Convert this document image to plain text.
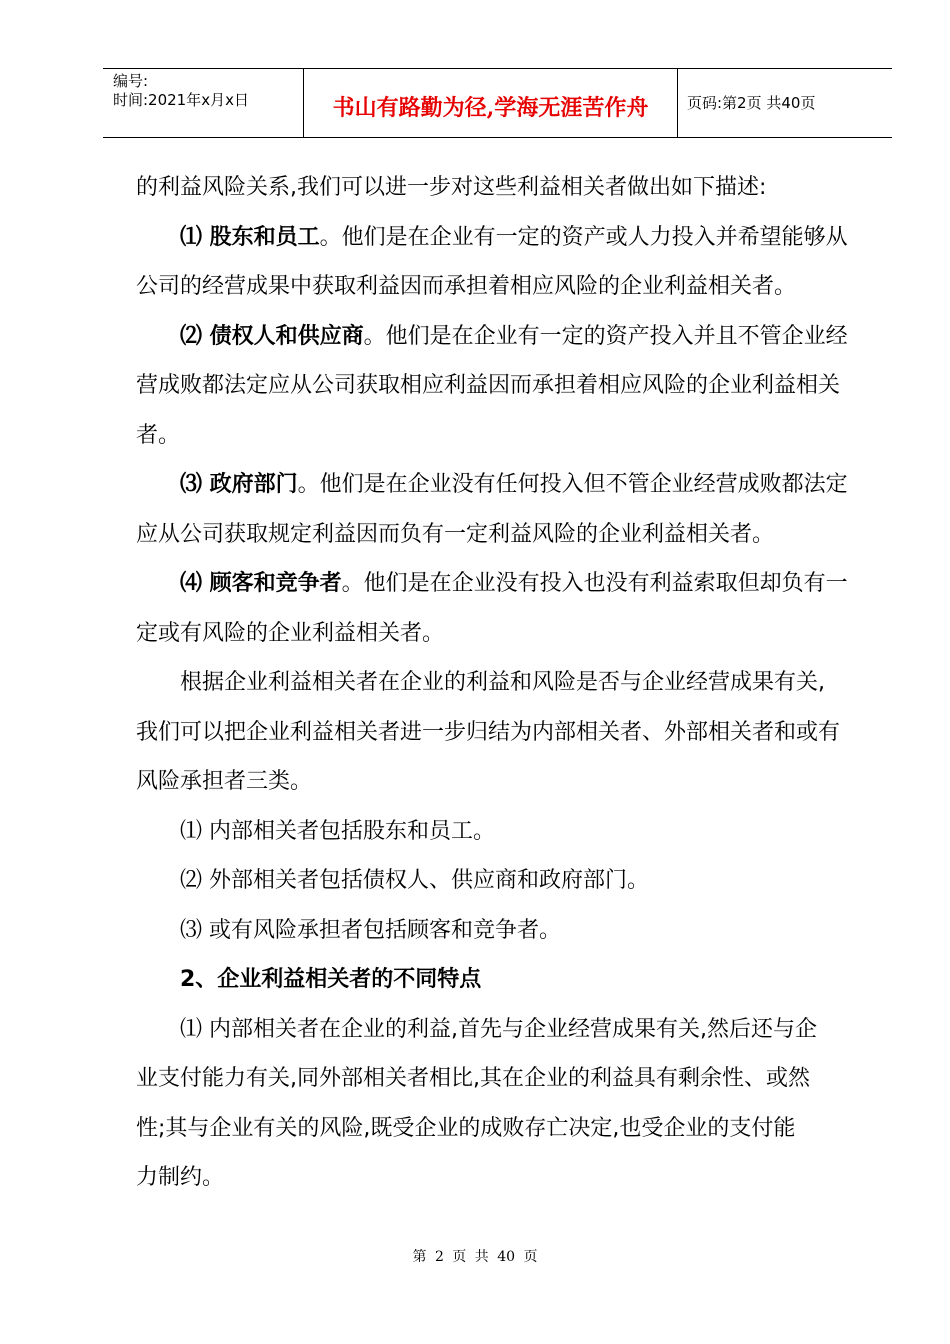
编号:
时间:2021年x月x日	书山有路勤为径,学海无涯苦作舟	页码:第2页 共40页

的利益风险关系,我们可以进一步对这些利益相关者做出如下描述:

⑴ 股东和员工。他们是在企业有一定的资产或人力投入并希望能够从

公司的经营成果中获取利益因而承担着相应风险的企业利益相关者。

⑵ 债权人和供应商。他们是在企业有一定的资产投入并且不管企业经

营成败都法定应从公司获取相应利益因而承担着相应风险的企业利益相关

者。

⑶ 政府部门。他们是在企业没有任何投入但不管企业经营成败都法定

应从公司获取规定利益因而负有一定利益风险的企业利益相关者。

⑷ 顾客和竞争者。他们是在企业没有投入也没有利益索取但却负有一

定或有风险的企业利益相关者。

根据企业利益相关者在企业的利益和风险是否与企业经营成果有关,

我们可以把企业利益相关者进一步归结为内部相关者、外部相关者和或有

风险承担者三类。

⑴ 内部相关者包括股东和员工。

⑵ 外部相关者包括债权人、供应商和政府部门。

⑶ 或有风险承担者包括顾客和竞争者。

2、企业利益相关者的不同特点

⑴ 内部相关者在企业的利益,首先与企业经营成果有关,然后还与企

业支付能力有关,同外部相关者相比,其在企业的利益具有剩余性、或然

性;其与企业有关的风险,既受企业的成败存亡决定,也受企业的支付能

力制约。

第 2 页 共 40 页
